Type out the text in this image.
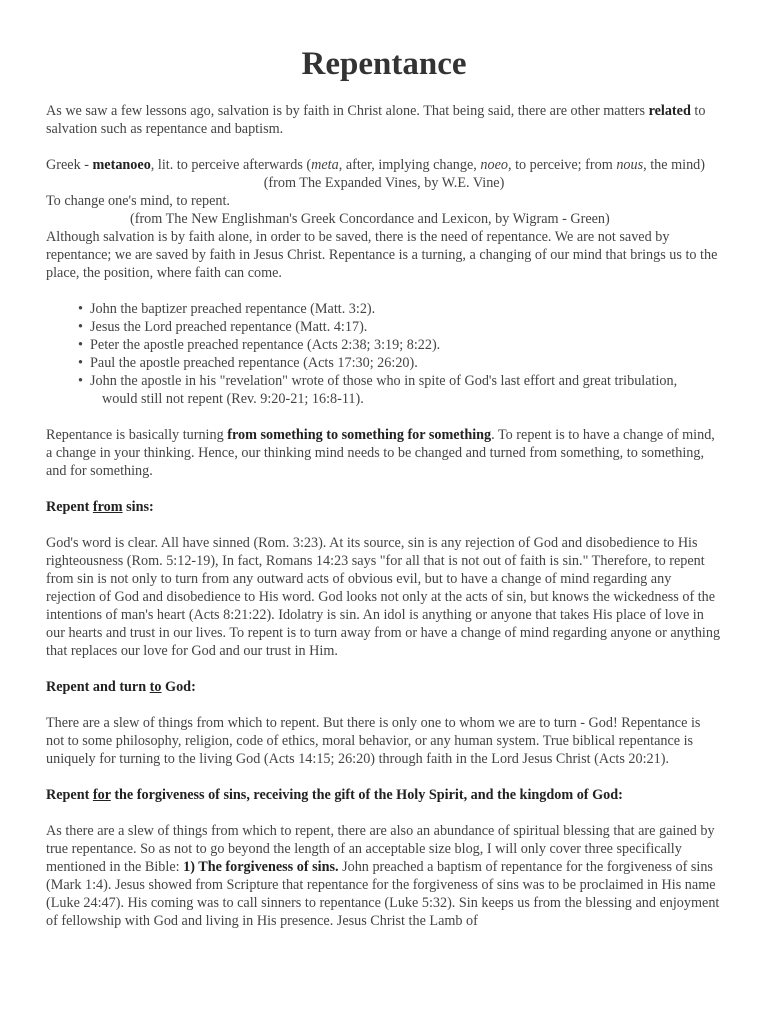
Repentance

As we saw a few lessons ago, salvation is by faith in Christ alone. That being said, there are other matters related to salvation such as repentance and baptism.

Greek - metanoeo, lit. to perceive afterwards (meta, after, implying change, noeo, to perceive; from nous, the mind)

(from The Expanded Vines, by W.E. Vine)

To change one's mind, to repent.

(from The New Englishman's Greek Concordance and Lexicon, by Wigram - Green)

Although salvation is by faith alone, in order to be saved, there is the need of repentance. We are not saved by repentance; we are saved by faith in Jesus Christ. Repentance is a turning, a changing of our mind that brings us to the place, the position, where faith can come.

• John the baptizer preached repentance (Matt. 3:2).
• Jesus the Lord preached repentance (Matt. 4:17).
• Peter the apostle preached repentance (Acts 2:38; 3:19; 8:22).
• Paul the apostle preached repentance (Acts 17:30; 26:20).
• John the apostle in his "revelation" wrote of those who in spite of God's last effort and great tribulation,
would still not repent (Rev. 9:20-21; 16:8-11).

Repentance is basically turning from something to something for something. To repent is to have a change of mind, a change in your thinking. Hence, our thinking mind needs to be changed and turned from something, to something, and for something.

Repent from sins:

God's word is clear. All have sinned (Rom. 3:23). At its source, sin is any rejection of God and disobedience to His righteousness (Rom. 5:12-19), In fact, Romans 14:23 says "for all that is not out of faith is sin." Therefore, to repent from sin is not only to turn from any outward acts of obvious evil, but to have a change of mind regarding any rejection of God and disobedience to His word. God looks not only at the acts of sin, but knows the wickedness of the intentions of man's heart (Acts 8:21:22). Idolatry is sin. An idol is anything or anyone that takes His place of love in our hearts and trust in our lives. To repent is to turn away from or have a change of mind regarding anyone or anything that replaces our love for God and our trust in Him.

Repent and turn to God:

There are a slew of things from which to repent. But there is only one to whom we are to turn - God! Repentance is not to some philosophy, religion, code of ethics, moral behavior, or any human system. True biblical repentance is uniquely for turning to the living God (Acts 14:15; 26:20) through faith in the Lord Jesus Christ (Acts 20:21).

Repent for the forgiveness of sins, receiving the gift of the Holy Spirit, and the kingdom of God:

As there are a slew of things from which to repent, there are also an abundance of spiritual blessing that are gained by true repentance. So as not to go beyond the length of an acceptable size blog, I will only cover three specifically mentioned in the Bible: 1) The forgiveness of sins. John preached a baptism of repentance for the forgiveness of sins (Mark 1:4). Jesus showed from Scripture that repentance for the forgiveness of sins was to be proclaimed in His name (Luke 24:47). His coming was to call sinners to repentance (Luke 5:32). Sin keeps us from the blessing and enjoyment of fellowship with God and living in His presence. Jesus Christ the Lamb of
